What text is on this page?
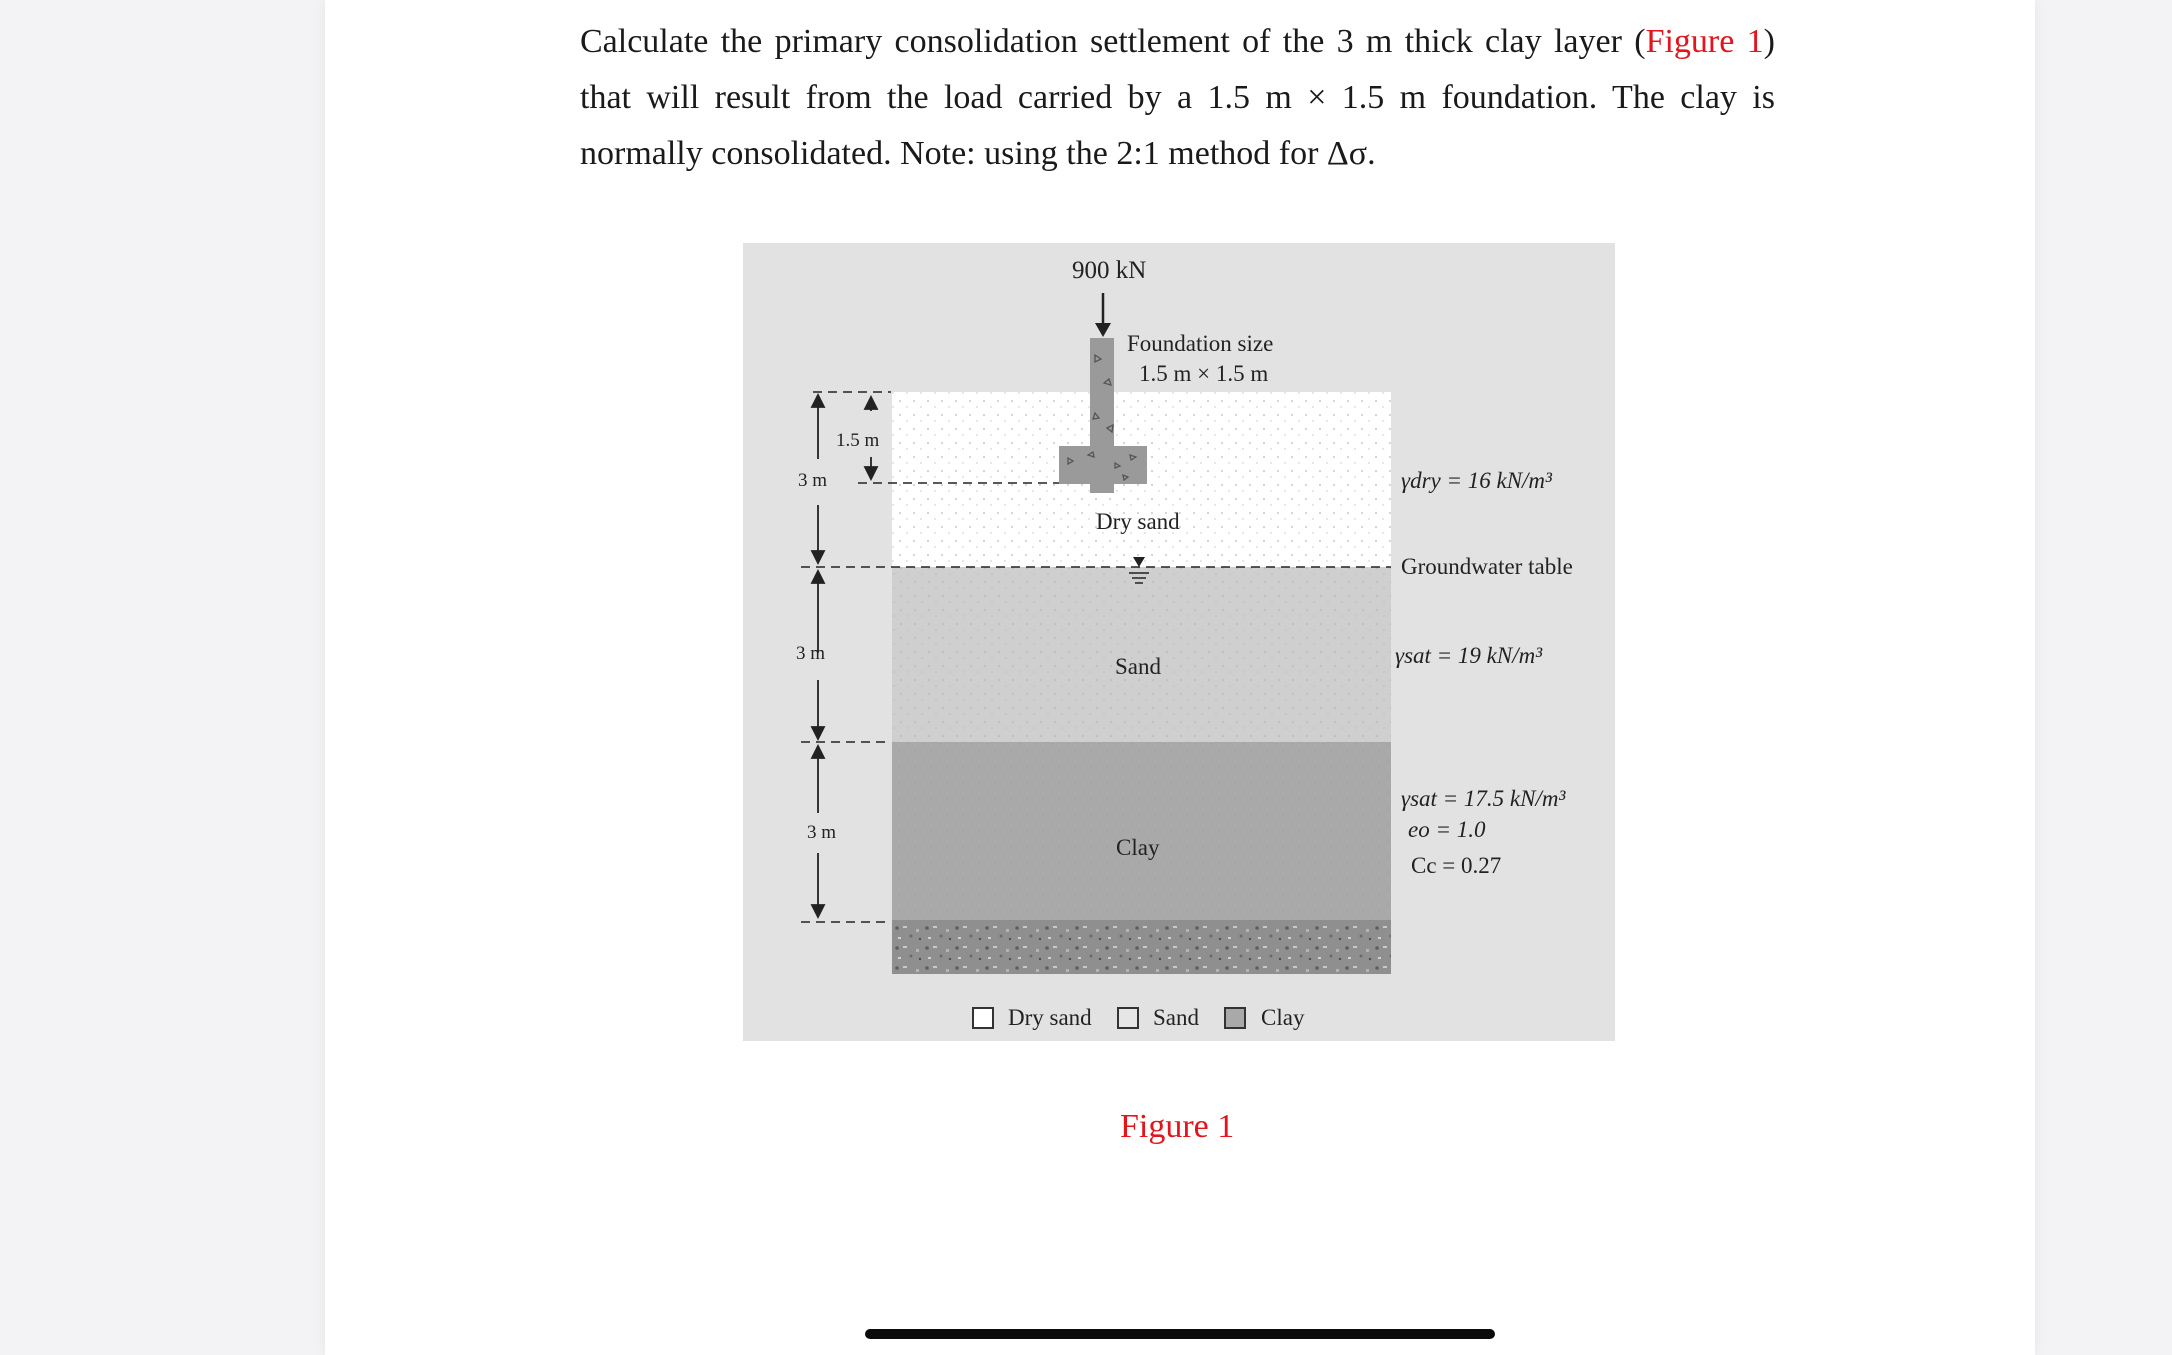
Calculate the primary consolidation settlement of the 3 m thick clay layer (Figure 1) that will result from the load carried by a 1.5 m × 1.5 m foundation. The clay is normally consolidated. Note: using the 2:1 method for Δσ.
900 kN
Foundation size
1.5 m × 1.5 m
1.5 m
3 m
3 m
3 m
Dry sand
Sand
Clay
γdry = 16 kN/m³
Groundwater table
γsat = 19 kN/m³
γsat = 17.5 kN/m³
eo = 1.0
Cc = 0.27
Dry sand	Sand	Clay
Figure 1
